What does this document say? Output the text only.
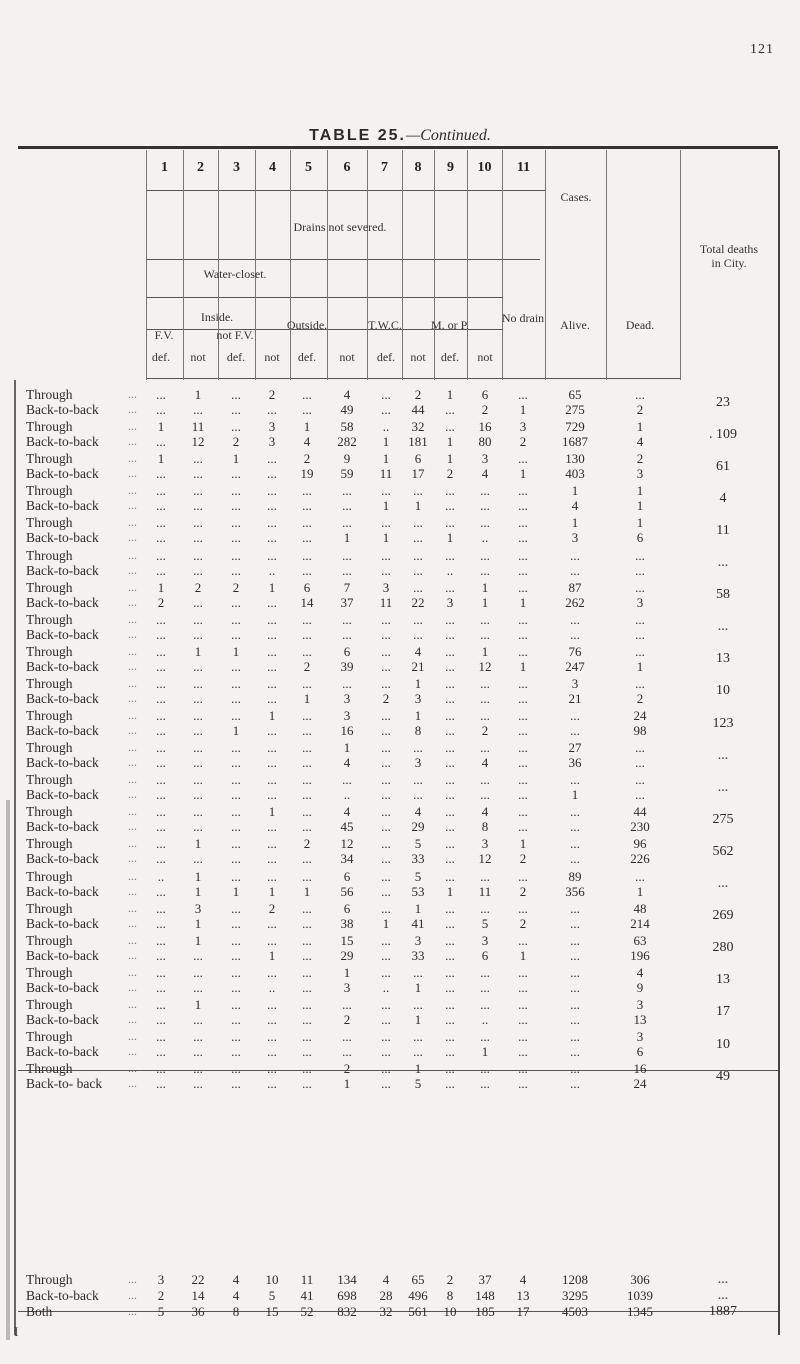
121
TABLE 25.—Continued.
1	2	3	4	5	6	7	8	9	10	11
Drains not severed.
Water-closet.
Inside.
F.V.	not F.V.
Outside.	T.W.C.	M. or P.	No drain
Cases.
Alive.	Dead.
Total deaths in City.
def.	not	def.	not	def.	not	def.	not	def.	not
Through	...	...	1	...	2	...	4	...	2	1	6	...	65	...
Back-to-back ...	...	...	...	...	...	49	...	44	...	2	1	275	2	23
Through	...	1	11	...	3	1	58	..	32	...	16	3	729	1
Back-to-back ...	...	12	2	3	4	282	1	181	1	80	2	1687	4	. 109
Through	...	1	...	1	...	2	9	1	6	1	3	...	130	2
Back-to-back ...	...	...	...	...	19	59	11	17	2	4	1	403	3	61
Through	...	...	...	...	...	...	...	...	...	...	...	...	1	1
Back-to-back ...	...	...	...	...	...	...	1	1	...	...	...	4	1	4
Through	...	...	...	...	...	...	...	...	...	...	...	...	1	1
Back-to-back ...	...	...	...	...	...	1	1	...	1	..	...	3	6	11
Through	...	...	...	...	...	...	...	...	...	...	...	...	...	...
Back-to-back ...	...	...	...	..	...	...	...	...	..	...	...	...	...	...
Through	...	1	2	2	1	6	7	3	...	...	1	...	87	...
Back-to-back ...	2	...	...	...	14	37	11	22	3	1	1	262	3	58
Through	...	...	...	...	...	...	...	...	...	...	...	...	...	...
Back-to-back ...	...	...	...	...	...	...	...	...	...	...	...	...	...	...
Through	...	...	1	1	...	...	6	...	4	...	1	...	76	...
Back-to-back ...	...	...	...	...	2	39	...	21	...	12	1	247	1	13
Through	...	...	...	...	...	...	...	...	1	...	...	...	3	...
Back-to-back ...	...	...	...	...	1	3	2	3	...	...	...	21	2	10
Through	...	...	...	...	1	...	3	...	1	...	...	...	...	24
Back-to-back ...	...	...	1	...	...	16	...	8	...	2	...	...	98	123
Through	...	...	...	...	...	...	1	...	...	...	...	...	27	...
Back-to-back ...	...	...	...	...	...	4	...	3	...	4	...	36	...	...
Through	...	...	...	...	...	...	...	...	...	...	...	...	...	...
Back-to-back ...	...	...	...	...	...	..	...	...	...	...	...	1	...	...
Through	...	...	...	...	1	...	4	...	4	...	4	...	...	44
Back-to-back ...	...	...	...	...	...	45	...	29	...	8	...	...	230	275
Through	...	...	1	...	...	2	12	...	5	...	3	1	...	96
Back-to-back ...	...	...	...	...	...	34	...	33	...	12	2	...	226	562
Through	...	..	1	...	...	...	6	...	5	...	...	...	89	...
Back-to-back ...	...	1	1	1	1	56	...	53	1	11	2	356	1	...
Through	...	...	3	...	2	...	6	...	1	...	...	...	...	48
Back-to-back ...	...	1	...	...	...	38	1	41	...	5	2	...	214	269
Through	...	...	1	...	...	...	15	...	3	...	3	...	...	63
Back-to-back ...	...	...	...	1	...	29	...	33	...	6	1	...	196	280
Through	...	...	...	...	...	...	1	...	...	...	...	...	...	4
Back-to-back ...	...	...	...	..	...	3	..	1	...	...	...	...	9	13
Through	...	...	1	...	...	...	...	...	...	...	...	...	...	3
Back-to-back ...	...	...	...	...	...	2	...	1	...	..	...	...	13	17
Through	...	...	...	...	...	...	...	...	...	...	...	...	...	3
Back-to-back ...	...	...	...	...	...	...	...	...	...	1	...	...	6	10
Through	...	...	...	...	...	...	2	...	1	...	...	...	...	16
Back-to- back ...	...	...	...	...	...	1	...	5	...	...	...	...	24	49
Through	...	3	22	4	10	11	134	4	65	2	37	4	1208	306	...
Back-to-back ...	2	14	4	5	41	698	28	496	8	148	13	3295	1039	...
Both	...	5	36	8	15	52	832	32	561	10	185	17	4503	1345	1887
I
